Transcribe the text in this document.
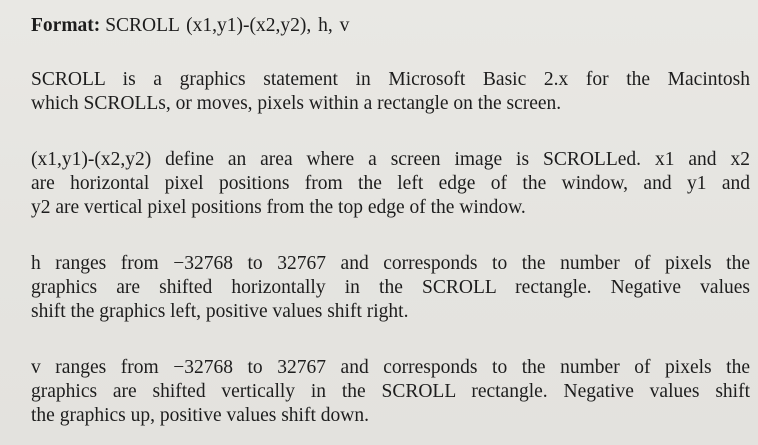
Format: SCROLL (x1,y1)-(x2,y2), h, v

SCROLL is a graphics statement in Microsoft Basic 2.x for the Macintosh
which SCROLLs, or moves, pixels within a rectangle on the screen.
(x1,y1)-(x2,y2) define an area where a screen image is SCROLLed. x1 and x2
are horizontal pixel positions from the left edge of the window, and y1 and
y2 are vertical pixel positions from the top edge of the window.
h ranges from −32768 to 32767 and corresponds to the number of pixels the
graphics are shifted horizontally in the SCROLL rectangle. Negative values
shift the graphics left, positive values shift right.
v ranges from −32768 to 32767 and corresponds to the number of pixels the
graphics are shifted vertically in the SCROLL rectangle. Negative values shift
the graphics up, positive values shift down.
